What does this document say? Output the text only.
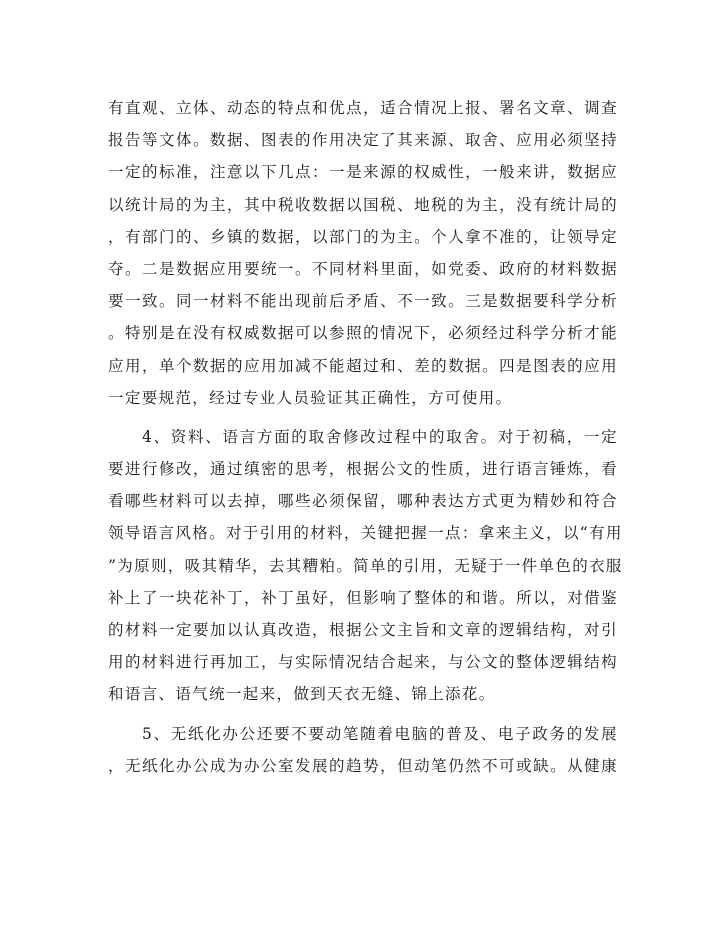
有直观、立体、动态的特点和优点，适合情况上报、署名文章、调查
报告等文体。数据、图表的作用决定了其来源、取舍、应用必须坚持
一定的标准，注意以下几点：一是来源的权威性，一般来讲，数据应
以统计局的为主，其中税收数据以国税、地税的为主，没有统计局的
，有部门的、乡镇的数据，以部门的为主。个人拿不准的，让领导定
夺。二是数据应用要统一。不同材料里面，如党委、政府的材料数据
要一致。同一材料不能出现前后矛盾、不一致。三是数据要科学分析
。特别是在没有权威数据可以参照的情况下，必须经过科学分析才能
应用，单个数据的应用加减不能超过和、差的数据。四是图表的应用
一定要规范，经过专业人员验证其正确性，方可使用。
4、资料、语言方面的取舍修改过程中的取舍。对于初稿，一定
要进行修改，通过缜密的思考，根据公文的性质，进行语言锤炼，看
看哪些材料可以去掉，哪些必须保留，哪种表达方式更为精妙和符合
领导语言风格。对于引用的材料，关键把握一点：拿来主义，以“有用
”为原则，吸其精华，去其糟粕。简单的引用，无疑于一件单色的衣服
补上了一块花补丁，补丁虽好，但影响了整体的和谐。所以，对借鉴
的材料一定要加以认真改造，根据公文主旨和文章的逻辑结构，对引
用的材料进行再加工，与实际情况结合起来，与公文的整体逻辑结构
和语言、语气统一起来，做到天衣无缝、锦上添花。
5、无纸化办公还要不要动笔随着电脑的普及、电子政务的发展
，无纸化办公成为办公室发展的趋势，但动笔仍然不可或缺。从健康
